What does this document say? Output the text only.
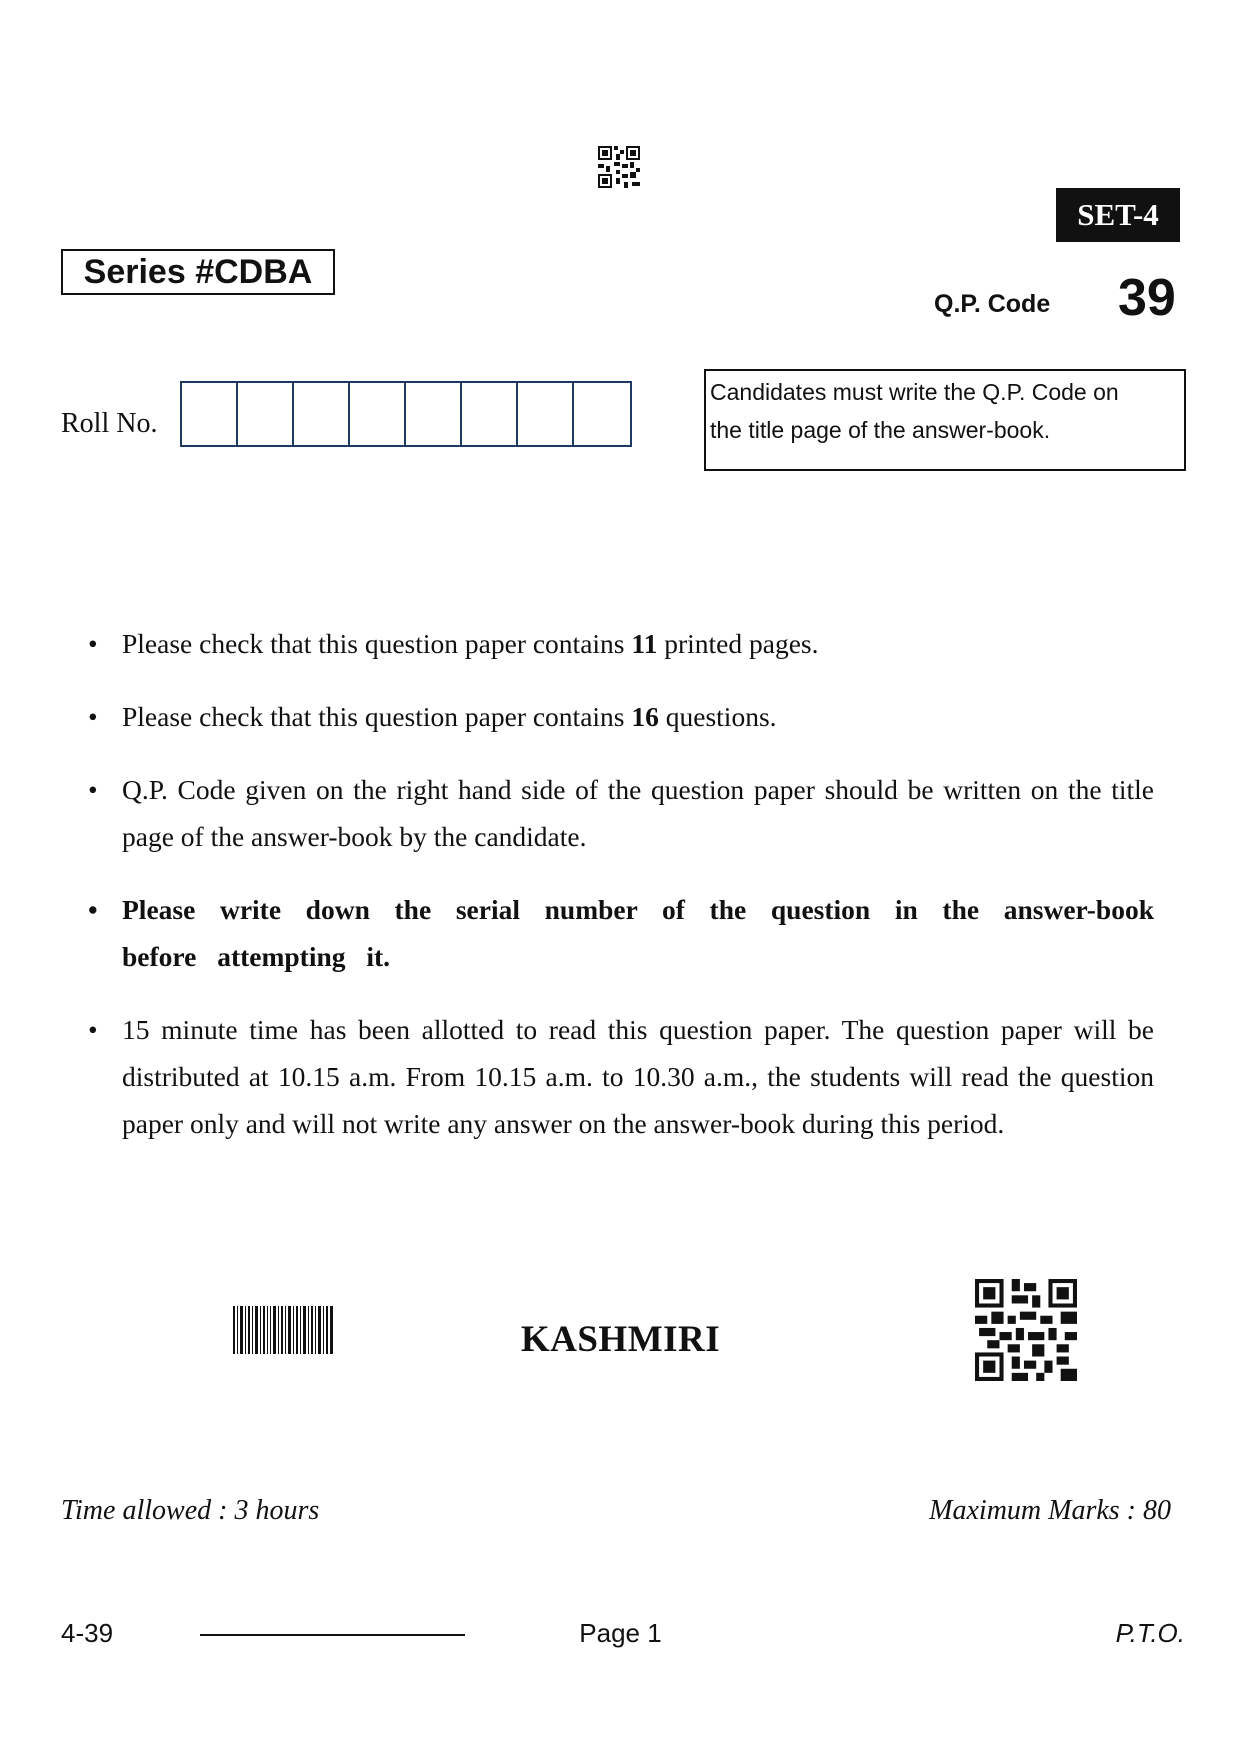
SET-4
Series #CDBA
Q.P. Code 39
Roll No.
Candidates must write the Q.P. Code on
the title page of the answer-book.
• Please check that this question paper contains 11 printed pages.
• Please check that this question paper contains 16 questions.
• Q.P. Code given on the right hand side of the question paper should be written on the title page of the answer-book by the candidate.
• Please write down the serial number of the question in the answer-book before attempting it.
• 15 minute time has been allotted to read this question paper. The question paper will be distributed at 10.15 a.m. From 10.15 a.m. to 10.30 a.m., the students will read the question paper only and will not write any answer on the answer-book during this period.
KASHMIRI
Time allowed : 3 hours	Maximum Marks : 80
4-39	Page 1	P.T.O.
